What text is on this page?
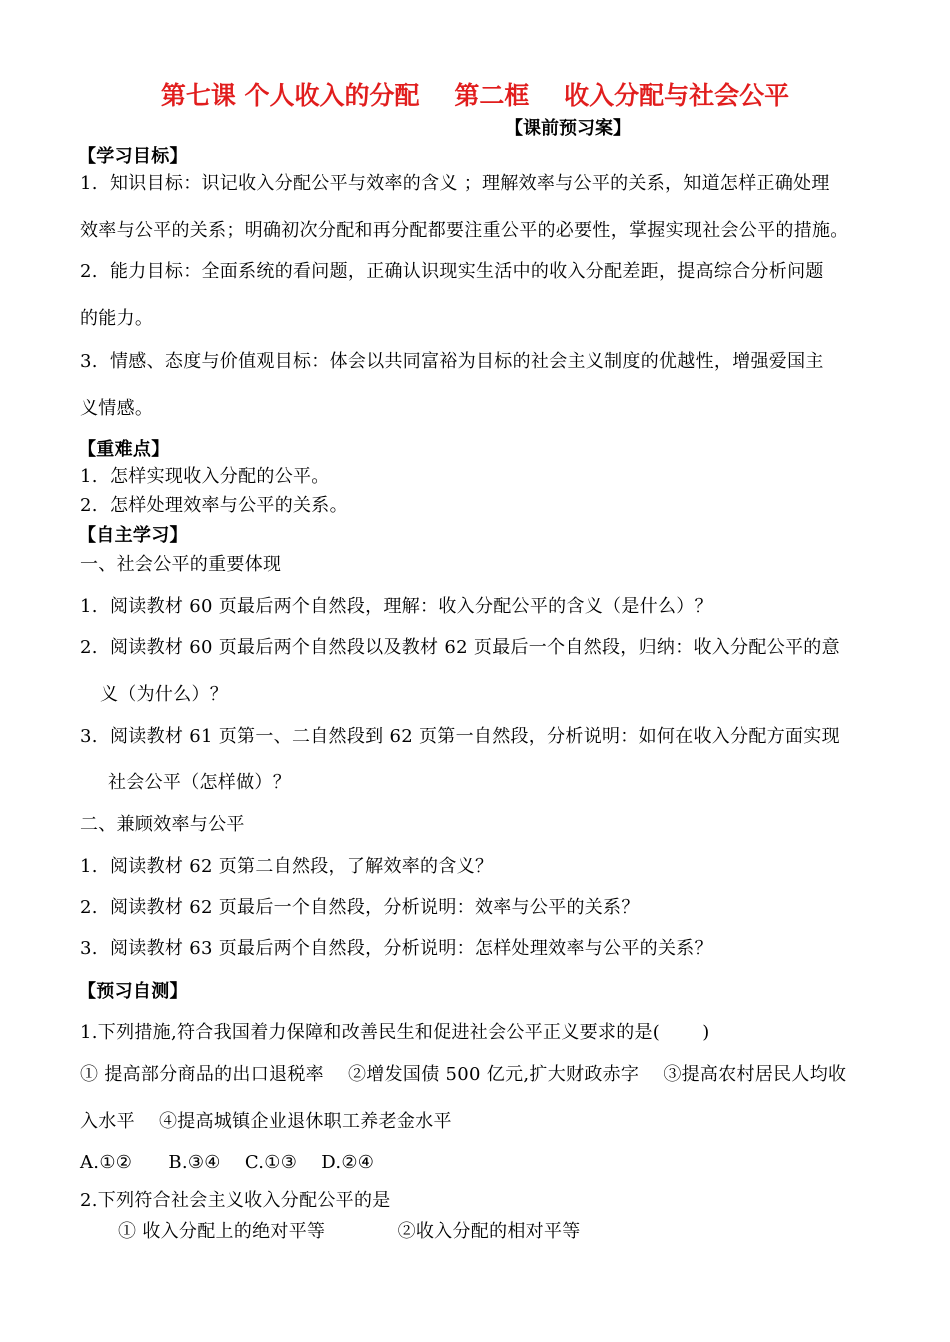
第七课 个人收入的分配    第二框    收入分配与社会公平
【课前预习案】
【学习目标】
1. 知识目标：识记收入分配公平与效率的含义 ；理解效率与公平的关系，知道怎样正确处理
效率与公平的关系；明确初次分配和再分配都要注重公平的必要性，掌握实现社会公平的措施。
2. 能力目标：全面系统的看问题，正确认识现实生活中的收入分配差距，提高综合分析问题
的能力。
3. 情感、态度与价值观目标：体会以共同富裕为目标的社会主义制度的优越性，增强爱国主
义情感。
【重难点】
1. 怎样实现收入分配的公平。
2. 怎样处理效率与公平的关系。
【自主学习】
一、社会公平的重要体现
1. 阅读教材 60 页最后两个自然段，理解：收入分配公平的含义（是什么）？
2. 阅读教材 60 页最后两个自然段以及教材 62 页最后一个自然段，归纳：收入分配公平的意
义（为什么）？
3. 阅读教材 61 页第一、二自然段到 62 页第一自然段，分析说明：如何在收入分配方面实现
社会公平（怎样做）？
二、兼顾效率与公平
1. 阅读教材 62 页第二自然段，了解效率的含义？
2. 阅读教材 62 页最后一个自然段，分析说明：效率与公平的关系？
3. 阅读教材 63 页最后两个自然段，分析说明：怎样处理效率与公平的关系？
【预习自测】
1.下列措施,符合我国着力保障和改善民生和促进社会公平正义要求的是(       )
① 提高部分商品的出口退税率    ②增发国债 500 亿元,扩大财政赤字    ③提高农村居民人均收
入水平    ④提高城镇企业退休职工养老金水平
A.①②      B.③④    C.①③    D.②④
2.下列符合社会主义收入分配公平的是
① 收入分配上的绝对平等            ②收入分配的相对平等
